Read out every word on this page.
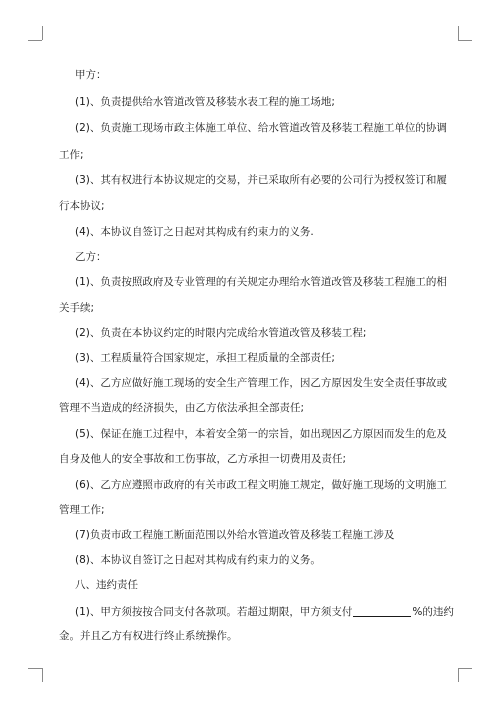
甲方：

(1)、负责提供给水管道改管及移装水表工程的施工场地;

(2)、负责施工现场市政主体施工单位、给水管道改管及移装工程施工单位的协调

工作;

(3)、其有权进行本协议规定的交易，并已采取所有必要的公司行为授权签订和履

行本协议;

(4)、本协议自签订之日起对其构成有约束力的义务.

乙方：

(1)、负责按照政府及专业管理的有关规定办理给水管道改管及移装工程施工的相

关手续;

(2)、负责在本协议约定的时限内完成给水管道改管及移装工程;

(3)、工程质量符合国家规定，承担工程质量的全部责任;

(4)、乙方应做好施工现场的安全生产管理工作，因乙方原因发生安全责任事故或

管理不当造成的经济损失，由乙方依法承担全部责任;

(5)、保证在施工过程中，本着安全第一的宗旨，如出现因乙方原因而发生的危及

自身及他人的安全事故和工伤事故，乙方承担一切费用及责任;

(6)、乙方应遵照市政府的有关市政工程文明施工规定，做好施工现场的文明施工

管理工作;

(7)负责市政工程施工断面范围以外给水管道改管及移装工程施工涉及

(8)、本协议自签订之日起对其构成有约束力的义务。

八、违约责任

(1)、甲方须按按合同支付各款项。若超过期限，甲方须支付	%的违约

金。并且乙方有权进行终止系统操作。
